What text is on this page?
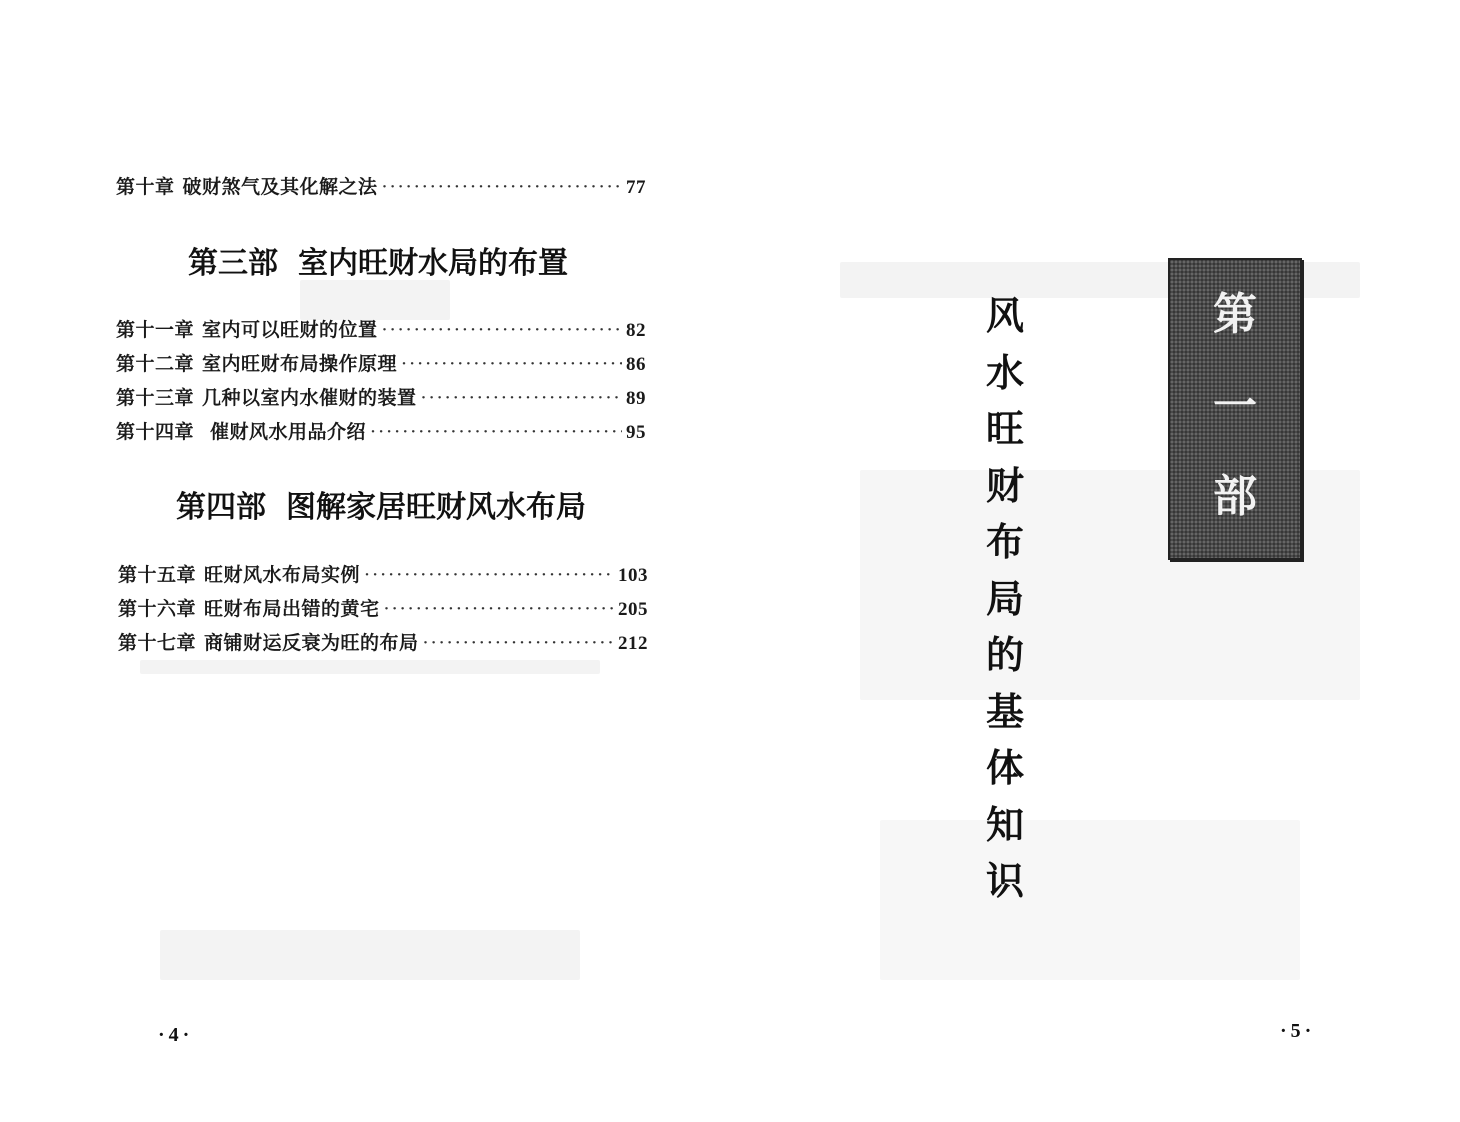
第十章 破财煞气及其化解之法 ·····	77
第三部 室内旺财水局的布置
第十一章 室内可以旺财的位置 ·····	82
第十二章 室内旺财布局操作原理 ·····	86
第十三章 几种以室内水催财的装置 ·····	89
第十四章 催财风水用品介绍 ·····	95
第四部 图解家居旺财风水布局
第十五章 旺财风水布局实例 ·····	103
第十六章 旺财布局出错的黄宅 ·····	205
第十七章 商铺财运反衰为旺的布局 ·····	212
·4·
风
水
旺
财
布
局
的
基
体
知
识
第
一
部
·5·
